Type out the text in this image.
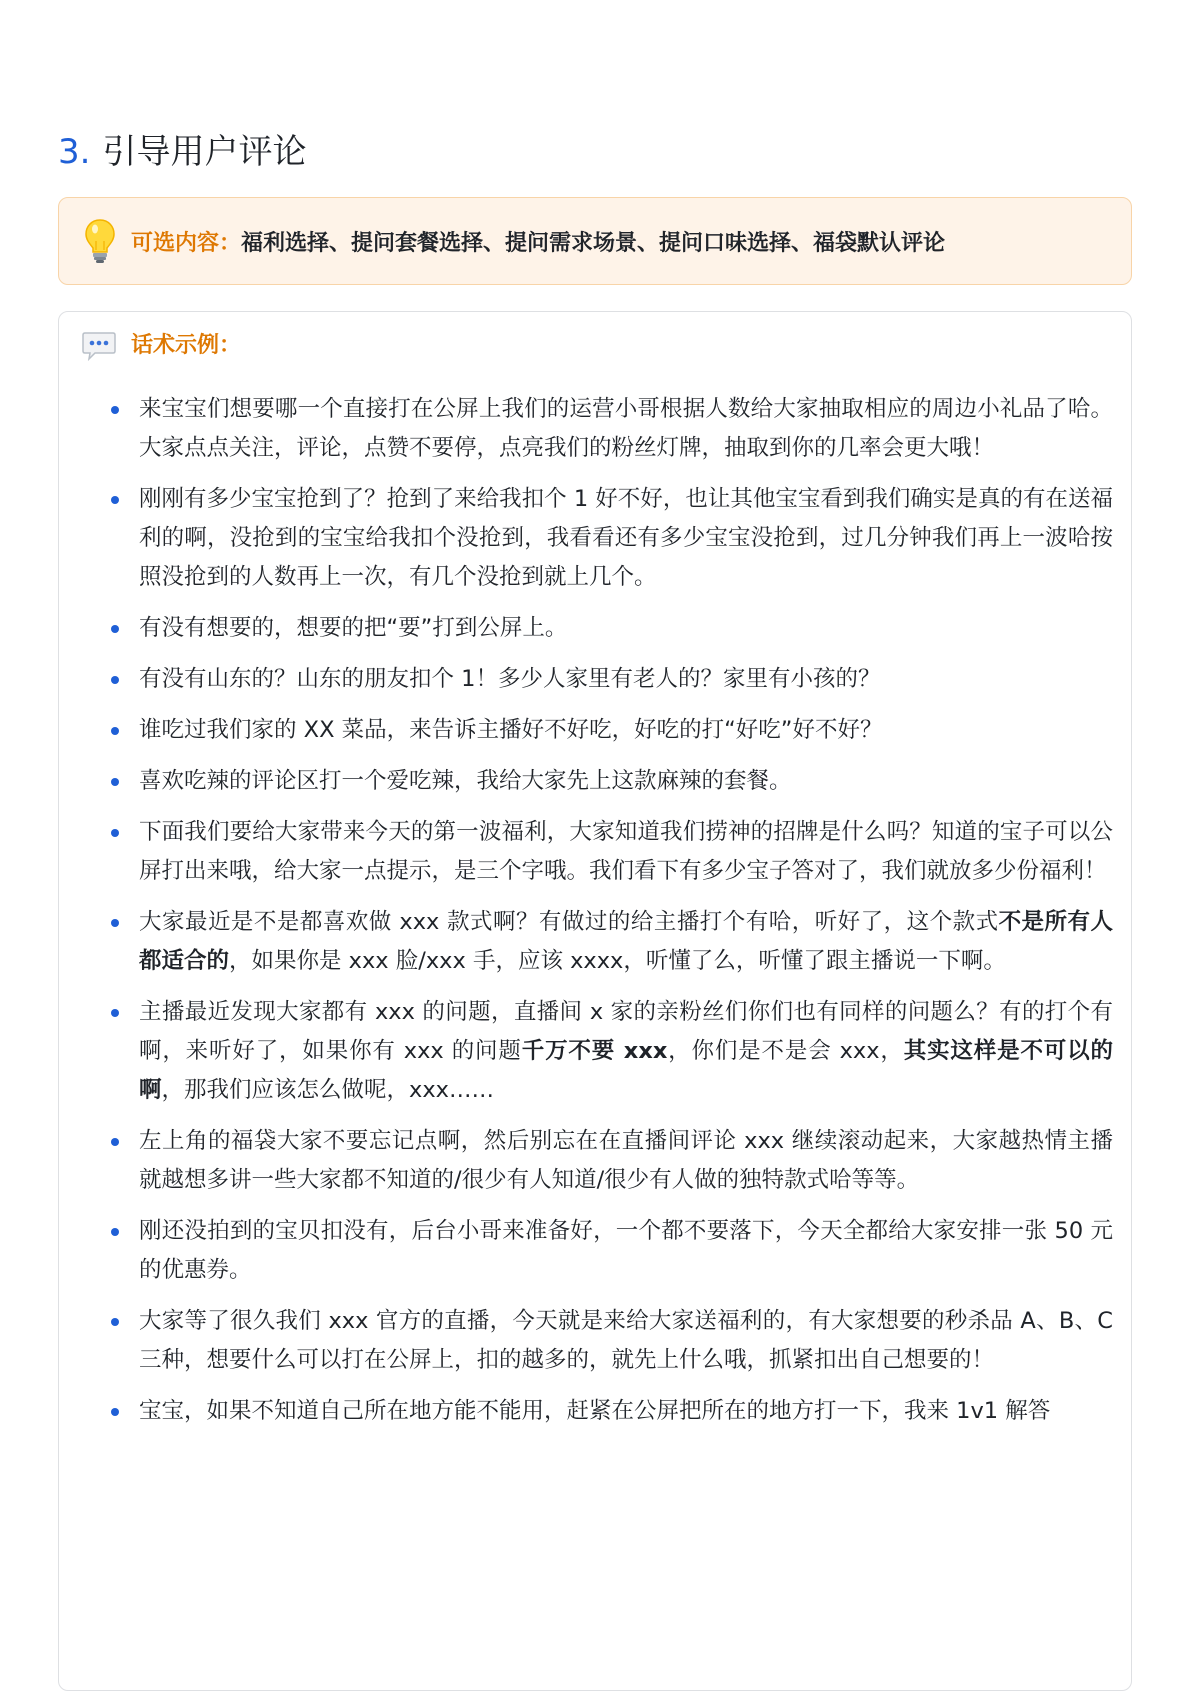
3. 引导用户评论
可选内容：福利选择、提问套餐选择、提问需求场景、提问口味选择、福袋默认评论
话术示例：
来宝宝们想要哪一个直接打在公屏上我们的运营小哥根据人数给大家抽取相应的周边小礼品了哈。大家点点关注，评论，点赞不要停，点亮我们的粉丝灯牌，抽取到你的几率会更大哦！
刚刚有多少宝宝抢到了？抢到了来给我扣个 1 好不好，也让其他宝宝看到我们确实是真的有在送福利的啊，没抢到的宝宝给我扣个没抢到，我看看还有多少宝宝没抢到，过几分钟我们再上一波哈按照没抢到的人数再上一次，有几个没抢到就上几个。
有没有想要的，想要的把“要”打到公屏上。
有没有山东的？山东的朋友扣个 1！多少人家里有老人的？家里有小孩的？
谁吃过我们家的 XX 菜品，来告诉主播好不好吃，好吃的打“好吃”好不好？
喜欢吃辣的评论区打一个爱吃辣，我给大家先上这款麻辣的套餐。
下面我们要给大家带来今天的第一波福利，大家知道我们捞神的招牌是什么吗？知道的宝子可以公屏打出来哦，给大家一点提示，是三个字哦。我们看下有多少宝子答对了，我们就放多少份福利！
大家最近是不是都喜欢做 xxx 款式啊？有做过的给主播打个有哈，听好了，这个款式不是所有人都适合的，如果你是 xxx 脸/xxx 手，应该 xxxx，听懂了么，听懂了跟主播说一下啊。
主播最近发现大家都有 xxx 的问题，直播间 x 家的亲粉丝们你们也有同样的问题么？有的打个有啊，来听好了，如果你有 xxx 的问题千万不要 xxx，你们是不是会 xxx，其实这样是不可以的啊，那我们应该怎么做呢，xxx……
左上角的福袋大家不要忘记点啊，然后别忘在在直播间评论 xxx 继续滚动起来，大家越热情主播就越想多讲一些大家都不知道的/很少有人知道/很少有人做的独特款式哈等等。
刚还没拍到的宝贝扣没有，后台小哥来准备好，一个都不要落下，今天全都给大家安排一张 50 元的优惠券。
大家等了很久我们 xxx 官方的直播，今天就是来给大家送福利的，有大家想要的秒杀品 A、B、C 三种，想要什么可以打在公屏上，扣的越多的，就先上什么哦，抓紧扣出自己想要的！
宝宝，如果不知道自己所在地方能不能用，赶紧在公屏把所在的地方打一下，我来 1v1 解答
